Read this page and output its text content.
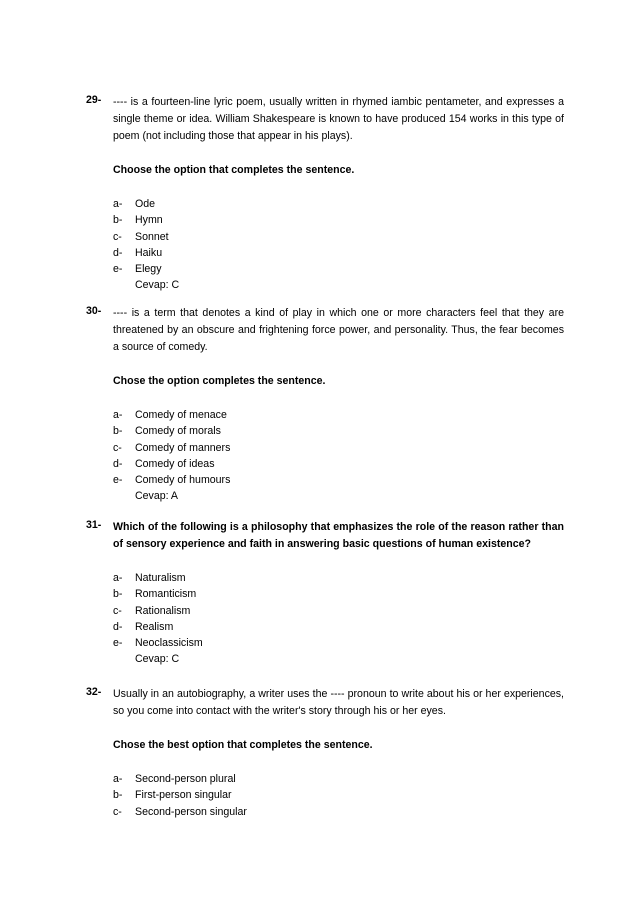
29- ---- is a fourteen-line lyric poem, usually written in rhymed iambic pentameter, and expresses a single theme or idea. William Shakespeare is known to have produced 154 works in this type of poem (not including those that appear in his plays).
Choose the option that completes the sentence.
a- Ode
b- Hymn
c- Sonnet
d- Haiku
e- Elegy
Cevap: C
30- ---- is a term that denotes a kind of play in which one or more characters feel that they are threatened by an obscure and frightening force power, and personality. Thus, the fear becomes a source of comedy.
Chose the option completes the sentence.
a- Comedy of menace
b- Comedy of morals
c- Comedy of manners
d- Comedy of ideas
e- Comedy of humours
Cevap: A
31- Which of the following is a philosophy that emphasizes the role of the reason rather than of sensory experience and faith in answering basic questions of human existence?
a- Naturalism
b- Romanticism
c- Rationalism
d- Realism
e- Neoclassicism
Cevap: C
32- Usually in an autobiography, a writer uses the ---- pronoun to write about his or her experiences, so you come into contact with the writer's story through his or her eyes.
Chose the best option that completes the sentence.
a- Second-person plural
b- First-person singular
c- Second-person singular
